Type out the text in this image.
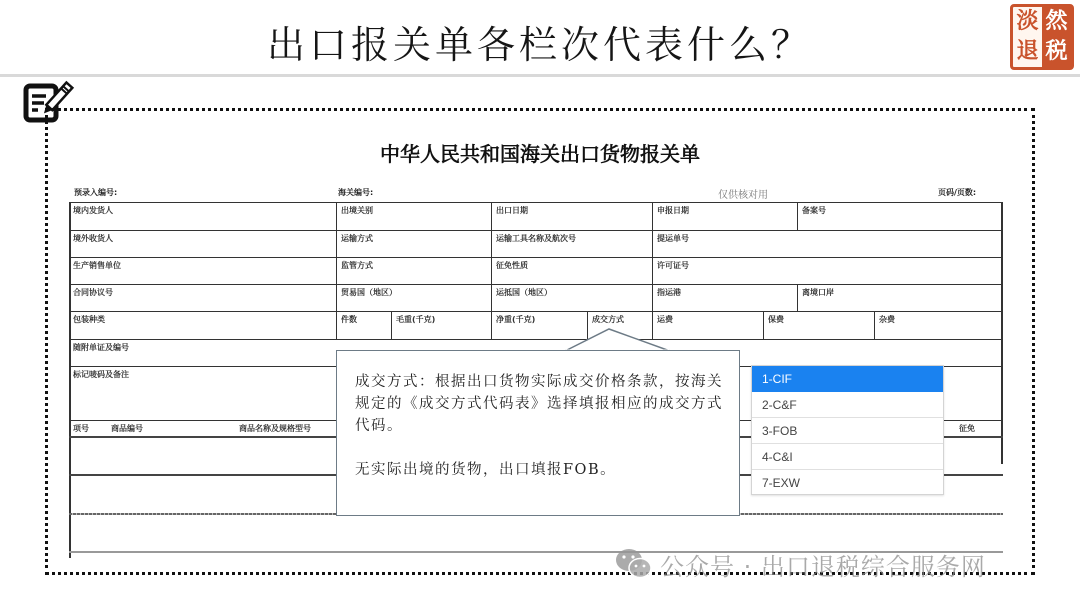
出口报关单各栏次代表什么？
淡 然
退 税
中华人民共和国海关出口货物报关单
预录入编号:	海关编号:	仅供核对用	页码/页数:
境内发货人	出境关别	出口日期	申报日期	备案号
境外收货人	运输方式	运输工具名称及航次号	提运单号
生产销售单位	监管方式	征免性质	许可证号
合同协议号	贸易国（地区）	运抵国（地区）	指运港	离境口岸
包装种类	件数	毛重(千克)	净重(千克)	成交方式	运费	保费	杂费
随附单证及编号
标记唛码及备注
项号	商品编号	商品名称及规格型号	征免

成交方式：根据出口货物实际成交价格条款，按海关规定的《成交方式代码表》选择填报相应的成交方式代码。

无实际出境的货物，出口填报FOB。

1-CIF
2-C&F
3-FOB
4-C&I
7-EXW
公众号 · 出口退税综合服务网
